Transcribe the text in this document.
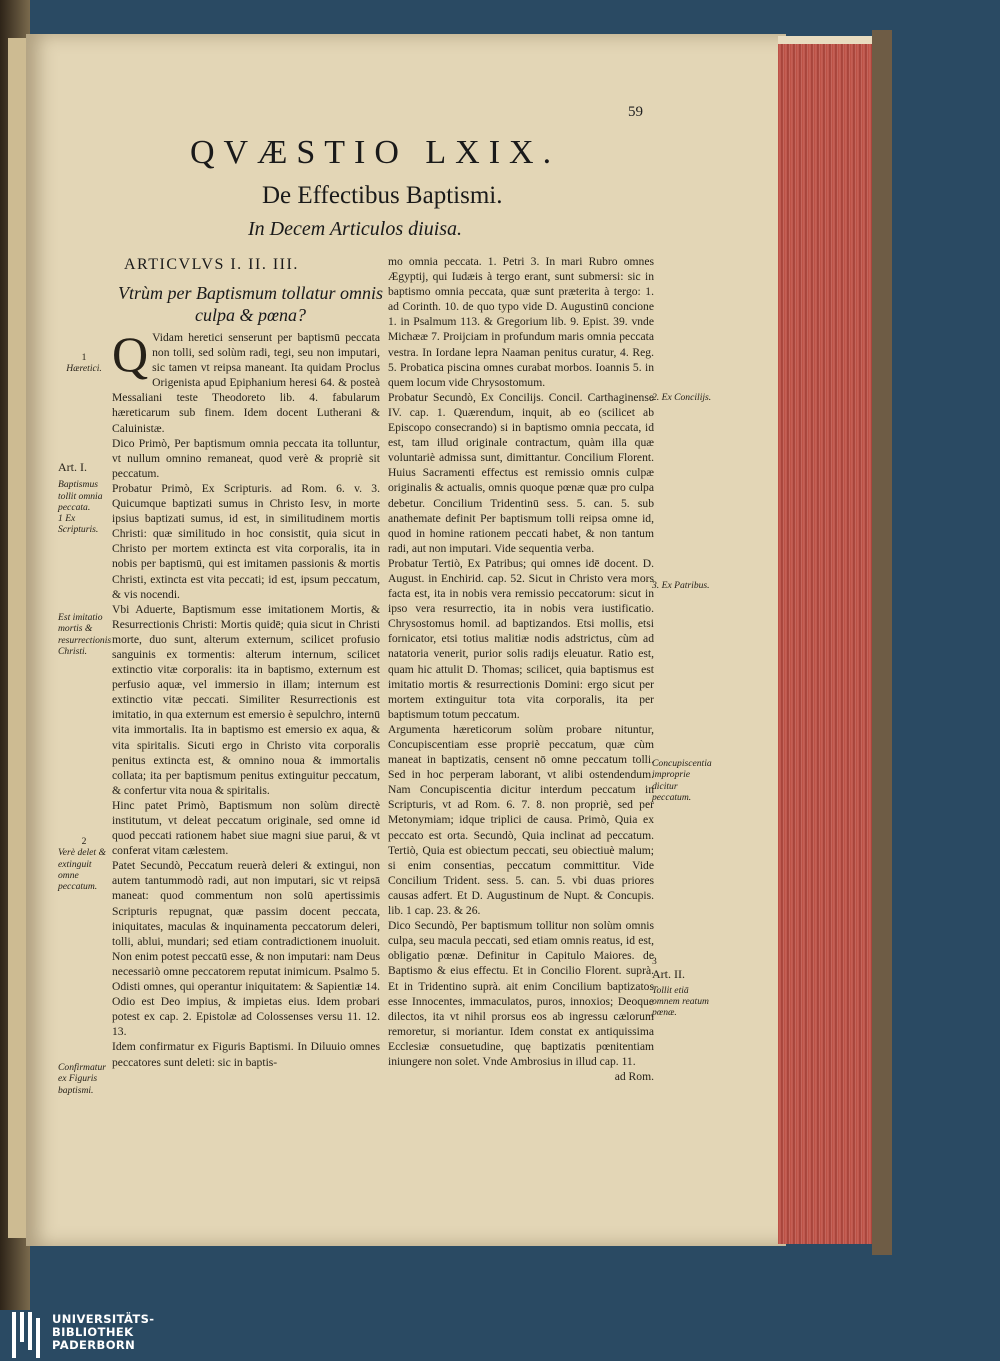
59
QVÆSTIO LXIX.
De Effectibus Baptismi.
In Decem Articulos diuisa.
ARTICVLVS I. II. III.
Vtrùm per Baptismum tollatur omnis culpa & pœna?

Q Vidam heretici senserunt per baptismū peccata non tolli, sed solùm radi, tegi, seu non imputari, sic tamen vt reipsa maneant. Ita quidam Proclus Origenista apud Epiphanium heresi 64. & posteà Messaliani teste Theodoreto lib. 4. fabularum hæreticarum sub finem. Idem docent Lutherani & Caluinistæ.

Dico Primò, Per baptismum omnia peccata ita tolluntur, vt nullum omnino remaneat, quod verè & propriè sit peccatum.

Probatur Primò, Ex Scripturis. ad Rom. 6. v. 3. Quicumque baptizati sumus in Christo Iesv, in morte ipsius baptizati sumus, id est, in similitudinem mortis Christi: quæ similitudo in hoc consistit, quia sicut in Christo per mortem extincta est vita corporalis, ita in nobis per baptismū, qui est imitamen passionis & mortis Christi, extincta est vita peccati; id est, ipsum peccatum, & vis nocendi.

Vbi Aduerte, Baptismum esse imitationem Mortis, & Resurrectionis Christi: Mortis quidē; quia sicut in Christi morte, duo sunt, alterum externum, scilicet profusio sanguinis ex tormentis: alterum internum, scilicet extinctio vitæ corporalis: ita in baptismo, externum est perfusio aquæ, vel immersio in illam; internum est extinctio vitæ peccati. Similiter Resurrectionis est imitatio, in qua externum est emersio è sepulchro, internū vita immortalis. Ita in baptismo est emersio ex aqua, & vita spiritalis. Sicuti ergo in Christo vita corporalis penitus extincta est, & omnino noua & immortalis collata; ita per baptismum penitus extinguitur peccatum, & confertur vita noua & spiritalis.

Hinc patet Primò, Baptismum non solùm directè institutum, vt deleat peccatum originale, sed omne id quod peccati rationem habet siue magni siue parui, & vt conferat vitam cælestem.

Patet Secundò, Peccatum reuerà deleri & extingui, non autem tantummodò radi, aut non imputari, sic vt reipsā maneat: quod commentum non solū apertissimis Scripturis repugnat, quæ passim docent peccata, iniquitates, maculas & inquinamenta peccatorum deleri, tolli, ablui, mundari; sed etiam contradictionem inuoluit. Non enim potest peccatū esse, & non imputari: nam Deus necessariò omne peccatorem reputat inimicum. Psalmo 5. Odisti omnes, qui operantur iniquitatem: & Sapientiæ 14. Odio est Deo impius, & impietas eius. Idem probari potest ex cap. 2. Epistolæ ad Colossenses versu 11. 12. 13.

Idem confirmatur ex Figuris Baptismi. In Diluuio omnes peccatores sunt deleti: sic in baptis-

mo omnia peccata. 1. Petri 3. In mari Rubro omnes Ægyptij, qui Iudæis à tergo erant, sunt submersi: sic in baptismo omnia peccata, quæ sunt præterita à tergo: 1. ad Corinth. 10. de quo typo vide D. Augustinū concione 1. in Psalmum 113. & Gregorium lib. 9. Epist. 39. vnde Michææ 7. Proijciam in profundum maris omnia peccata vestra. In Iordane lepra Naaman penitus curatur, 4. Reg. 5. Probatica piscina omnes curabat morbos. Ioannis 5. in quem locum vide Chrysostomum.

Probatur Secundò, Ex Concilijs. Concil. Carthaginense IV. cap. 1. Quærendum, inquit, ab eo (scilicet ab Episcopo consecrando) si in baptismo omnia peccata, id est, tam illud originale contractum, quàm illa quæ voluntariè admissa sunt, dimittantur. Concilium Florent. Huius Sacramenti effectus est remissio omnis culpæ originalis & actualis, omnis quoque pœnæ quæ pro culpa debetur. Concilium Tridentinū sess. 5. can. 5. sub anathemate definit Per baptismum tolli reipsa omne id, quod in homine rationem peccati habet, & non tantum radi, aut non imputari. Vide sequentia verba.

Probatur Tertiò, Ex Patribus; qui omnes idē docent. D. August. in Enchirid. cap. 52. Sicut in Christo vera mors facta est, ita in nobis vera remissio peccatorum: sicut in ipso vera resurrectio, ita in nobis vera iustificatio. Chrysostomus homil. ad baptizandos. Etsi mollis, etsi fornicator, etsi totius malitiæ nodis adstrictus, cùm ad natatoria venerit, purior solis radijs eleuatur. Ratio est, quam hic attulit D. Thomas; scilicet, quia baptismus est imitatio mortis & resurrectionis Domini: ergo sicut per mortem extinguitur tota vita corporalis, ita per baptismum totum peccatum.

Argumenta hæreticorum solùm probare nituntur, Concupiscentiam esse propriè peccatum, quæ cùm maneat in baptizatis, censent nō omne peccatum tolli. Sed in hoc perperam laborant, vt alibi ostendendum. Nam Concupiscentia dicitur interdum peccatum in Scripturis, vt ad Rom. 6. 7. 8. non propriè, sed per Metonymiam; idque triplici de causa. Primò, Quia ex peccato est orta. Secundò, Quia inclinat ad peccatum. Tertiò, Quia est obiectum peccati, seu obiectiuè malum; si enim consentias, peccatum committitur. Vide Concilium Trident. sess. 5. can. 5. vbi duas priores causas adfert. Et D. Augustinum de Nupt. & Concupis. lib. 1 cap. 23. & 26.

Dico Secundò, Per baptismum tollitur non solùm omnis culpa, seu macula peccati, sed etiam omnis reatus, id est, obligatio pœnæ. Definitur in Capitulo Maiores. de Baptismo & eius effectu. Et in Concilio Florent. suprà. Et in Tridentino suprà. ait enim Concilium baptizatos esse Innocentes, immaculatos, puros, innoxios; Deoque dilectos, ita vt nihil prorsus eos ab ingressu cælorum remoretur, si moriantur. Idem constat ex antiquissima Ecclesiæ consuetudine, quę baptizatis pœnitentiam iniungere non solet. Vnde Ambrosius in illud cap. 11.

ad Rom.

1
Hæretici.
Art. I.
Baptismus tollit omnia peccata.
1 Ex Scripturis.
Est imitatio mortis & resurrectionis Christi.
2
Verè delet & extinguit omne peccatum.
Confirmatur ex Figuris baptismi.
2. Ex Concilijs.
3. Ex Patribus.
Concupiscentia improprie dicitur peccatum.
3
Art. II.
Tollit etiā omnem reatum pœnæ.
UNIVERSITÄTS-
BIBLIOTHEK
PADERBORN
